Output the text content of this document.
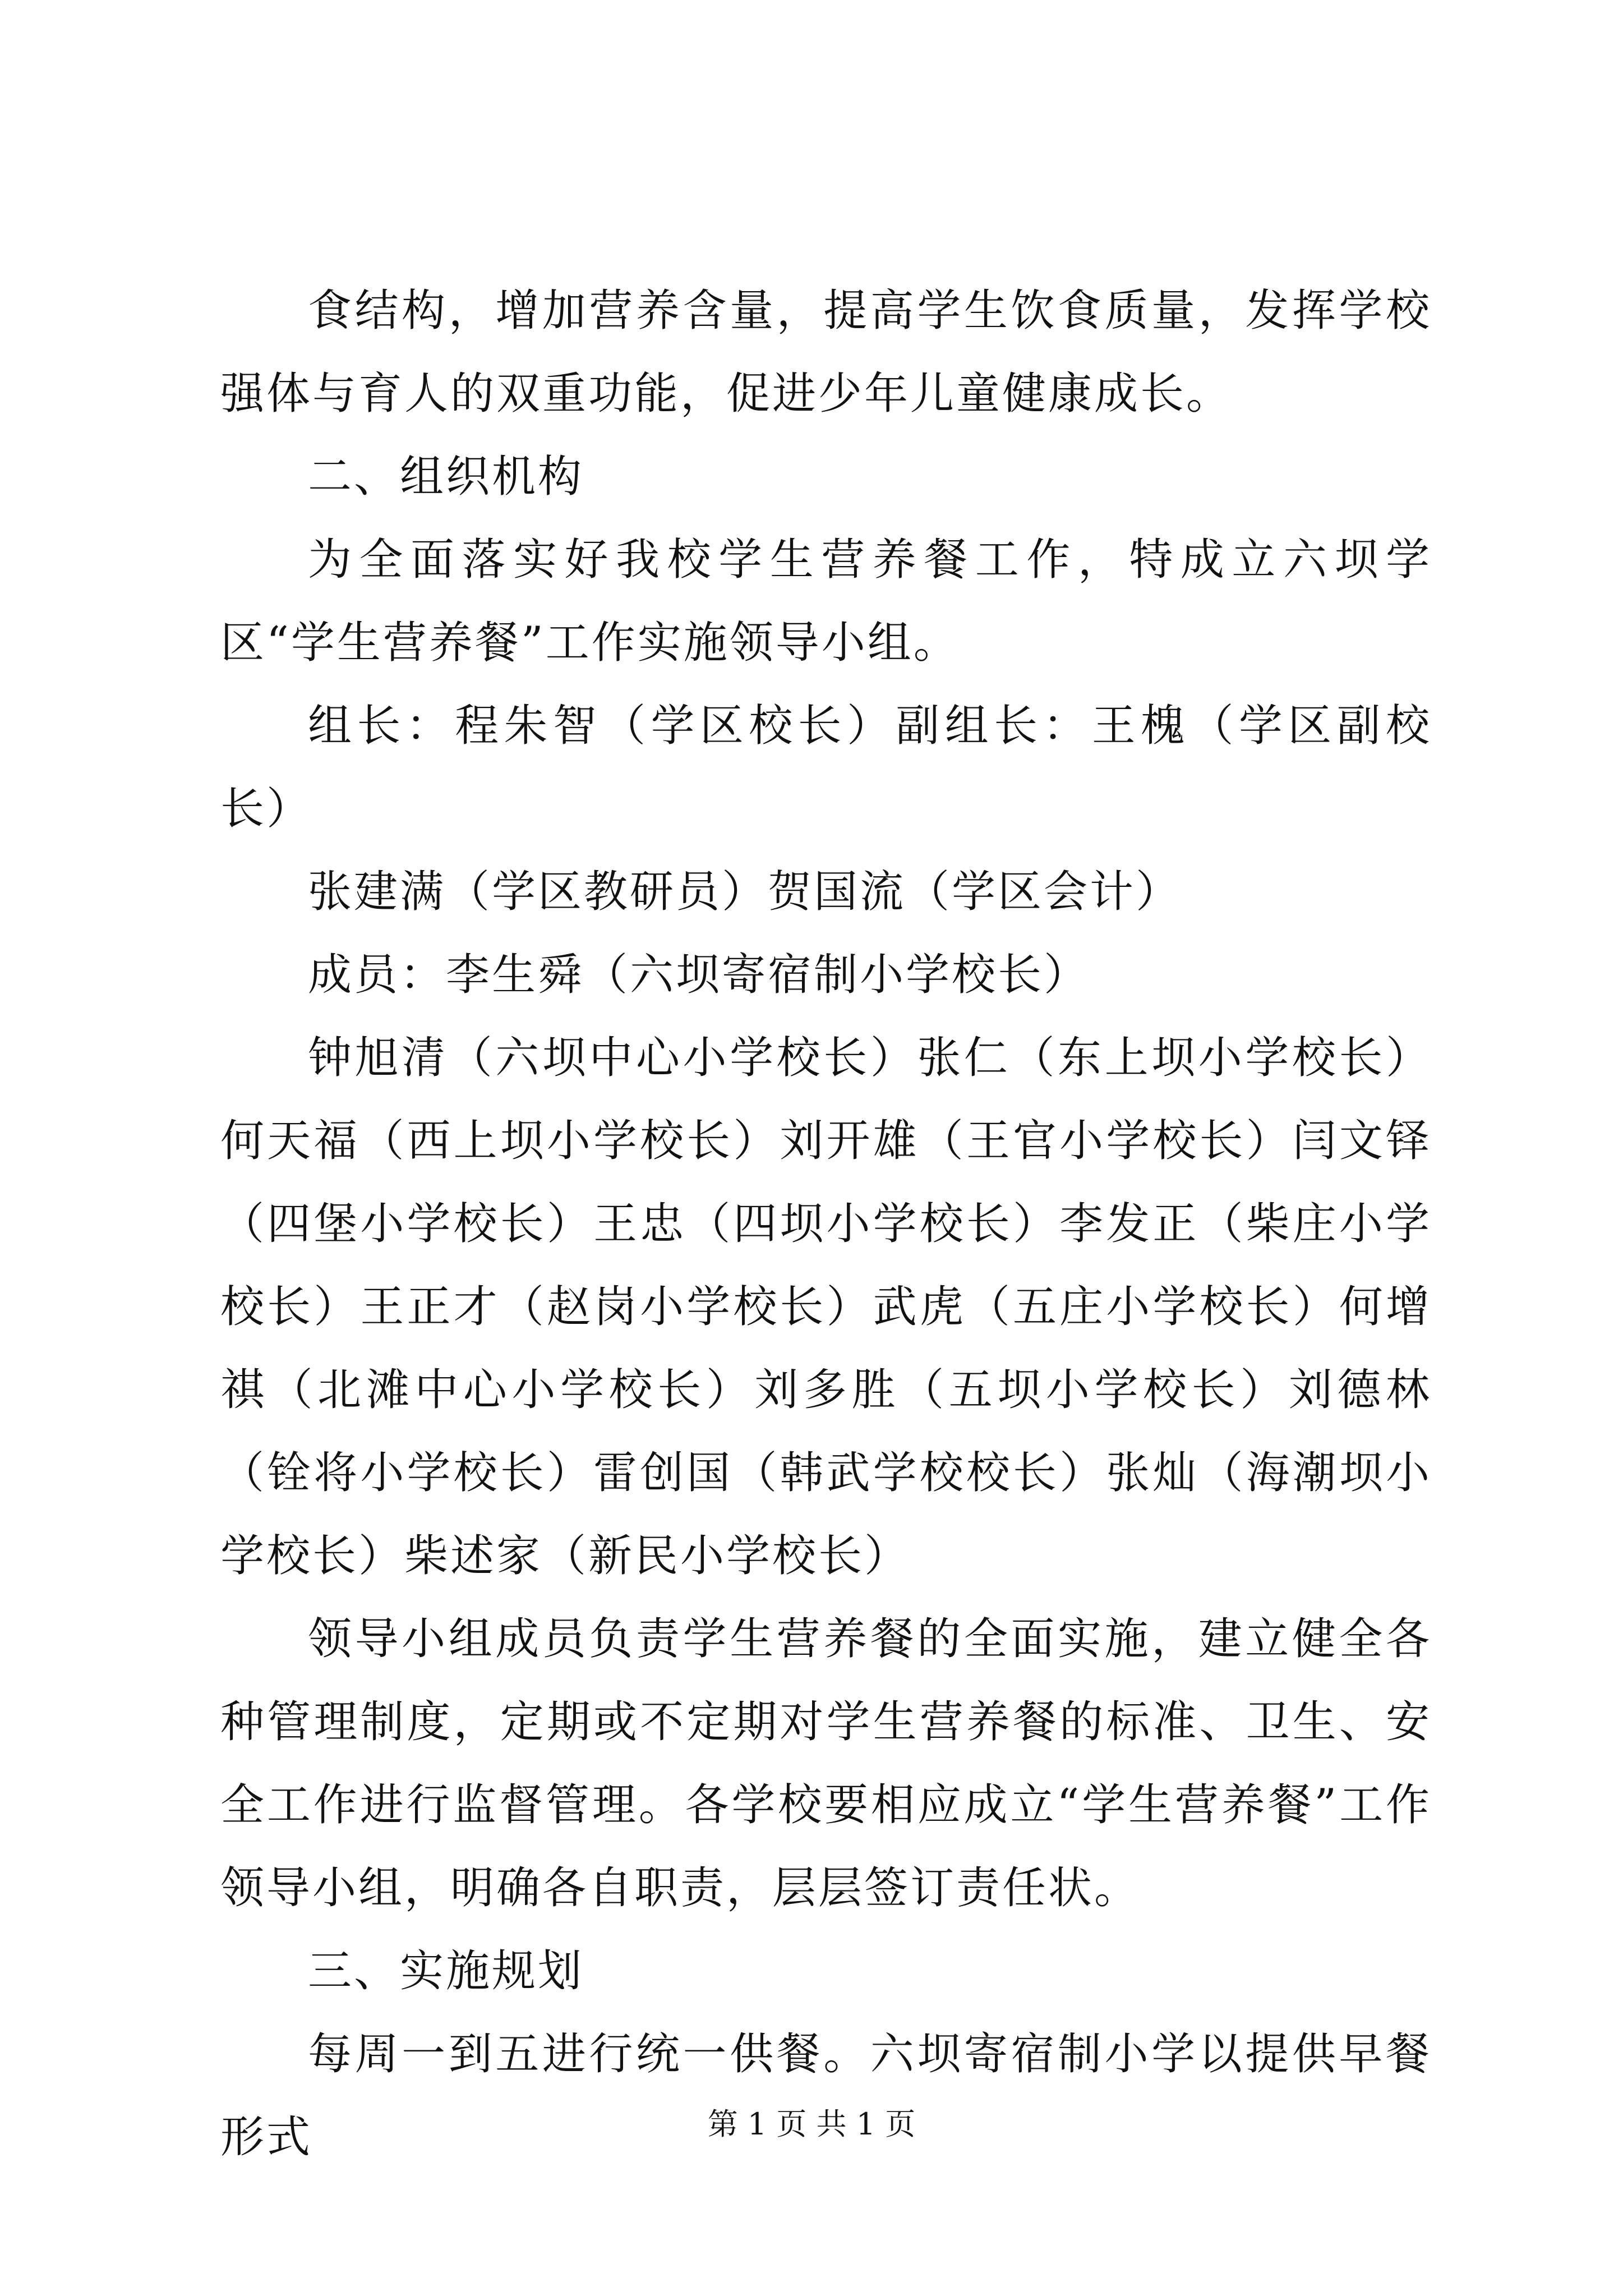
食结构，增加营养含量，提高学生饮食质量，发挥学校强体与育人的双重功能，促进少年儿童健康成长。

二、组织机构

为全面落实好我校学生营养餐工作，特成立六坝学区“学生营养餐”工作实施领导小组。

组长：程朱智（学区校长）副组长：王槐（学区副校长）

张建满（学区教研员）贺国流（学区会计）

成员：李生舜（六坝寄宿制小学校长）

钟旭清（六坝中心小学校长）张仁（东上坝小学校长）何天福（西上坝小学校长）刘开雄（王官小学校长）闫文铎（四堡小学校长）王忠（四坝小学校长）李发正（柴庄小学校长）王正才（赵岗小学校长）武虎（五庄小学校长）何增祺（北滩中心小学校长）刘多胜（五坝小学校长）刘德林（铨将小学校长）雷创国（韩武学校校长）张灿（海潮坝小学校长）柴述家（新民小学校长）

领导小组成员负责学生营养餐的全面实施，建立健全各种管理制度，定期或不定期对学生营养餐的标准、卫生、安全工作进行监督管理。各学校要相应成立“学生营养餐”工作领导小组，明确各自职责，层层签订责任状。

三、实施规划

每周一到五进行统一供餐。六坝寄宿制小学以提供早餐形式	第 1 页 共 1 页
